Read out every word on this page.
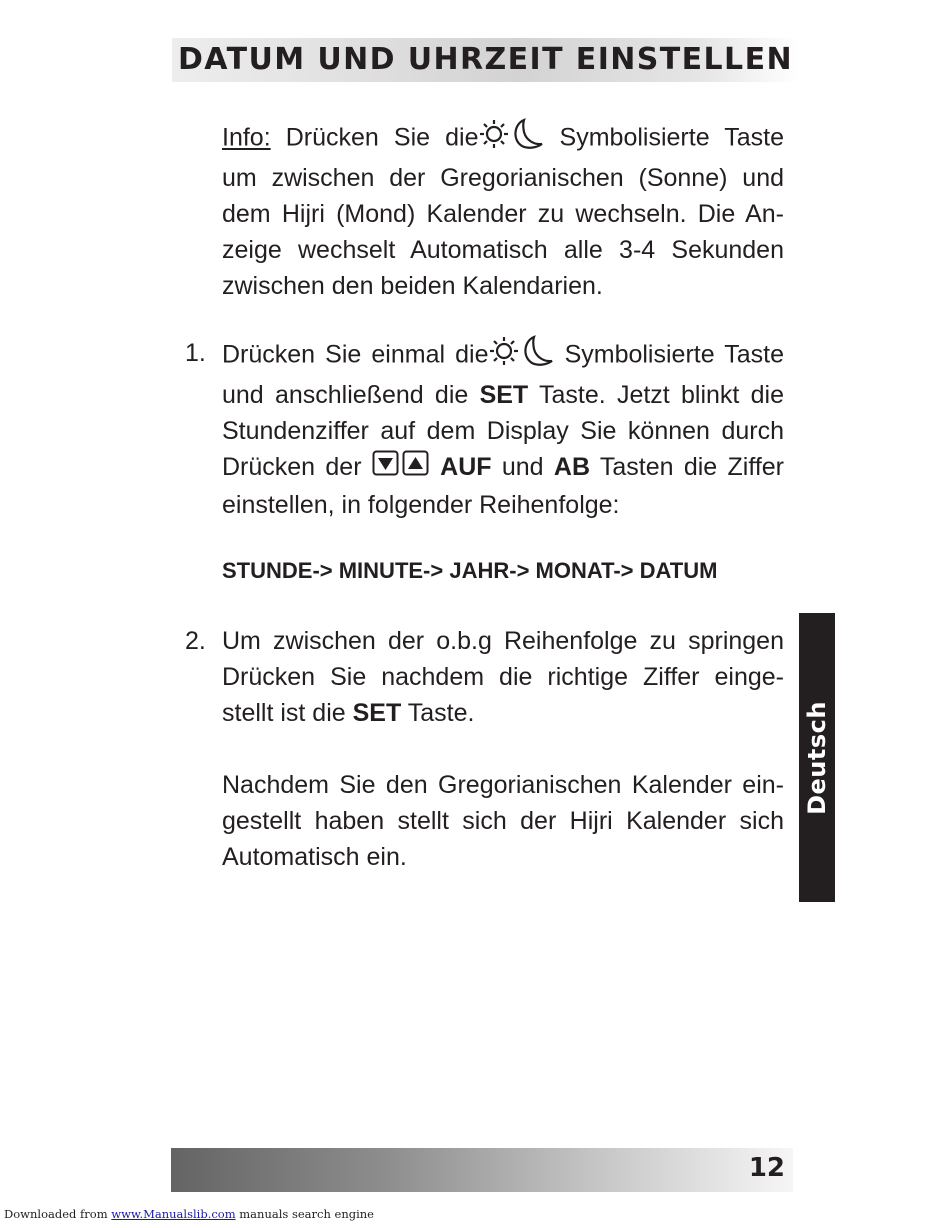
DATUM UND UHRZEIT EINSTELLEN

Info: Drücken Sie die	Symbolisierte Taste um zwischen der Gregorianischen (Sonne) und dem Hijri (Mond) Kalender zu wechseln. Die An-zeige wechselt Automatisch alle 3-4 Sekunden zwischen den beiden Kalendarien.

1. Drücken Sie einmal die	Symbolisierte Taste und anschließend die SET Taste. Jetzt blinkt die Stundenziffer auf dem Display Sie können durch Drücken der	AUF und AB Tasten die Ziffer einstellen, in folgender Reihenfolge:

STUNDE-> MINUTE-> JAHR-> MONAT-> DATUM
2. Um zwischen der o.b.g Reihenfolge zu springen Drücken Sie nachdem die richtige Ziffer einge-stellt ist die SET Taste.

Nachdem Sie den Gregorianischen Kalender ein-gestellt haben stellt sich der Hijri Kalender sich Automatisch ein.

Deutsch
12
Downloaded from www.Manualslib.com manuals search engine
